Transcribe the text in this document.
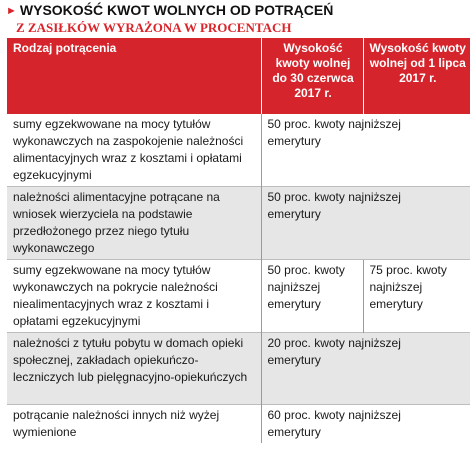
► WYSOKOŚĆ KWOT WOLNYCH OD POTRĄCEŃ
Z ZASIŁKÓW WYRAŻONA W PROCENTACH
Rodzaj potrącenia	Wysokość kwoty wolnej do 30 czerwca 2017 r.	Wysokość kwoty wolnej od 1 lipca 2017 r.
sumy egzekwowane na mocy tytułów wykonawczych na zaspokojenie należności alimentacyjnych wraz z kosztami i opłatami egzekucyjnymi	50 proc. kwoty najniższej emerytury	

należności alimentacyjne potrącane na wniosek wierzyciela na podstawie przedłożonego przez niego tytułu wykonawczego	50 proc. kwoty najniższej emerytury	

sumy egzekwowane na mocy tytułów wykonawczych na pokrycie należności niealimentacyjnych wraz z kosztami i opłatami egzekucyjnymi	50 proc. kwoty najniższej emerytury	75 proc. kwoty najniższej emerytury
należności z tytułu pobytu w domach opieki społecznej, zakładach opiekuńczo-leczniczych lub pielęgnacyjno-opiekuńczych	20 proc. kwoty najniższej emerytury	

potrącanie należności innych niż wyżej wymienione	60 proc. kwoty najniższej emerytury	
